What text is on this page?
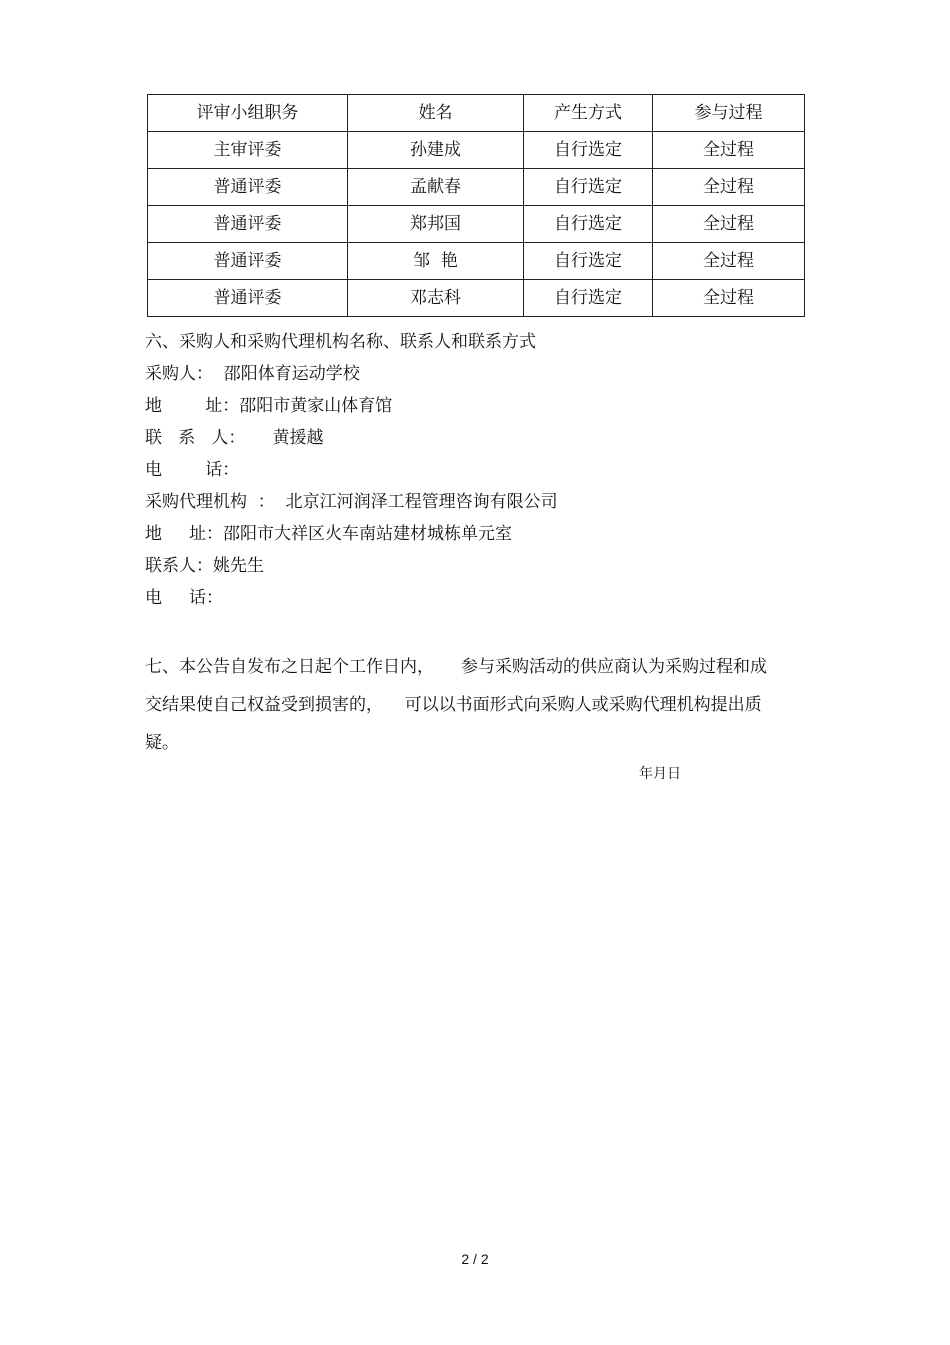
评审小组职务	姓名	产生方式	参与过程
主审评委	孙建成	自行选定	全过程
普通评委	孟献春	自行选定	全过程
普通评委	郑邦国	自行选定	全过程
普通评委	邹  艳	自行选定	全过程
普通评委	邓志科	自行选定	全过程
六、采购人和采购代理机构名称、联系人和联系方式
采购人：  邵阳体育运动学校
地        址：邵阳市黄家山体育馆
联   系   人：     黄援越
电        话：
采购代理机构  ：  北京江河润泽工程管理咨询有限公司
地     址：邵阳市大祥区火车南站建材城栋单元室
联系人：姚先生
电     话：
七、本公告自发布之日起个工作日内，     参与采购活动的供应商认为采购过程和成
交结果使自己权益受到损害的，    可以以书面形式向采购人或采购代理机构提出质
疑。
年月日
2 / 2
